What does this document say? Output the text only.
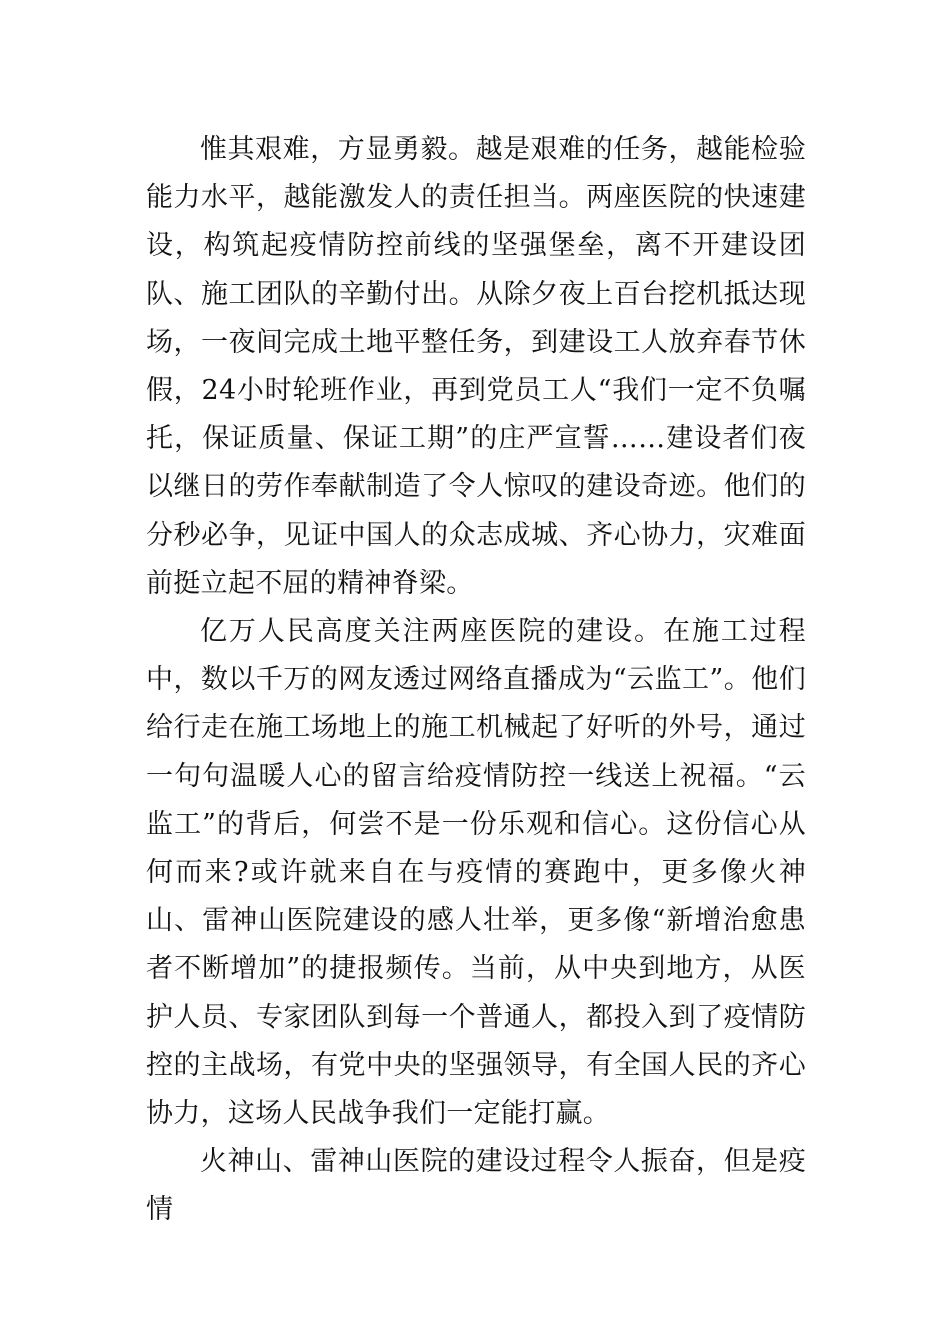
惟其艰难，方显勇毅。越是艰难的任务，越能检验能力水平，越能激发人的责任担当。两座医院的快速建设，构筑起疫情防控前线的坚强堡垒，离不开建设团队、施工团队的辛勤付出。从除夕夜上百台挖机抵达现场，一夜间完成土地平整任务，到建设工人放弃春节休假，24小时轮班作业，再到党员工人“我们一定不负嘱托，保证质量、保证工期”的庄严宣誓……建设者们夜以继日的劳作奉献制造了令人惊叹的建设奇迹。他们的分秒必争，见证中国人的众志成城、齐心协力，灾难面前挺立起不屈的精神脊梁。

亿万人民高度关注两座医院的建设。在施工过程中，数以千万的网友透过网络直播成为“云监工”。他们给行走在施工场地上的施工机械起了好听的外号，通过一句句温暖人心的留言给疫情防控一线送上祝福。“云监工”的背后，何尝不是一份乐观和信心。这份信心从何而来?或许就来自在与疫情的赛跑中，更多像火神山、雷神山医院建设的感人壮举，更多像“新增治愈患者不断增加”的捷报频传。当前，从中央到地方，从医护人员、专家团队到每一个普通人，都投入到了疫情防控的主战场，有党中央的坚强领导，有全国人民的齐心协力，这场人民战争我们一定能打赢。

火神山、雷神山医院的建设过程令人振奋，但是疫情
